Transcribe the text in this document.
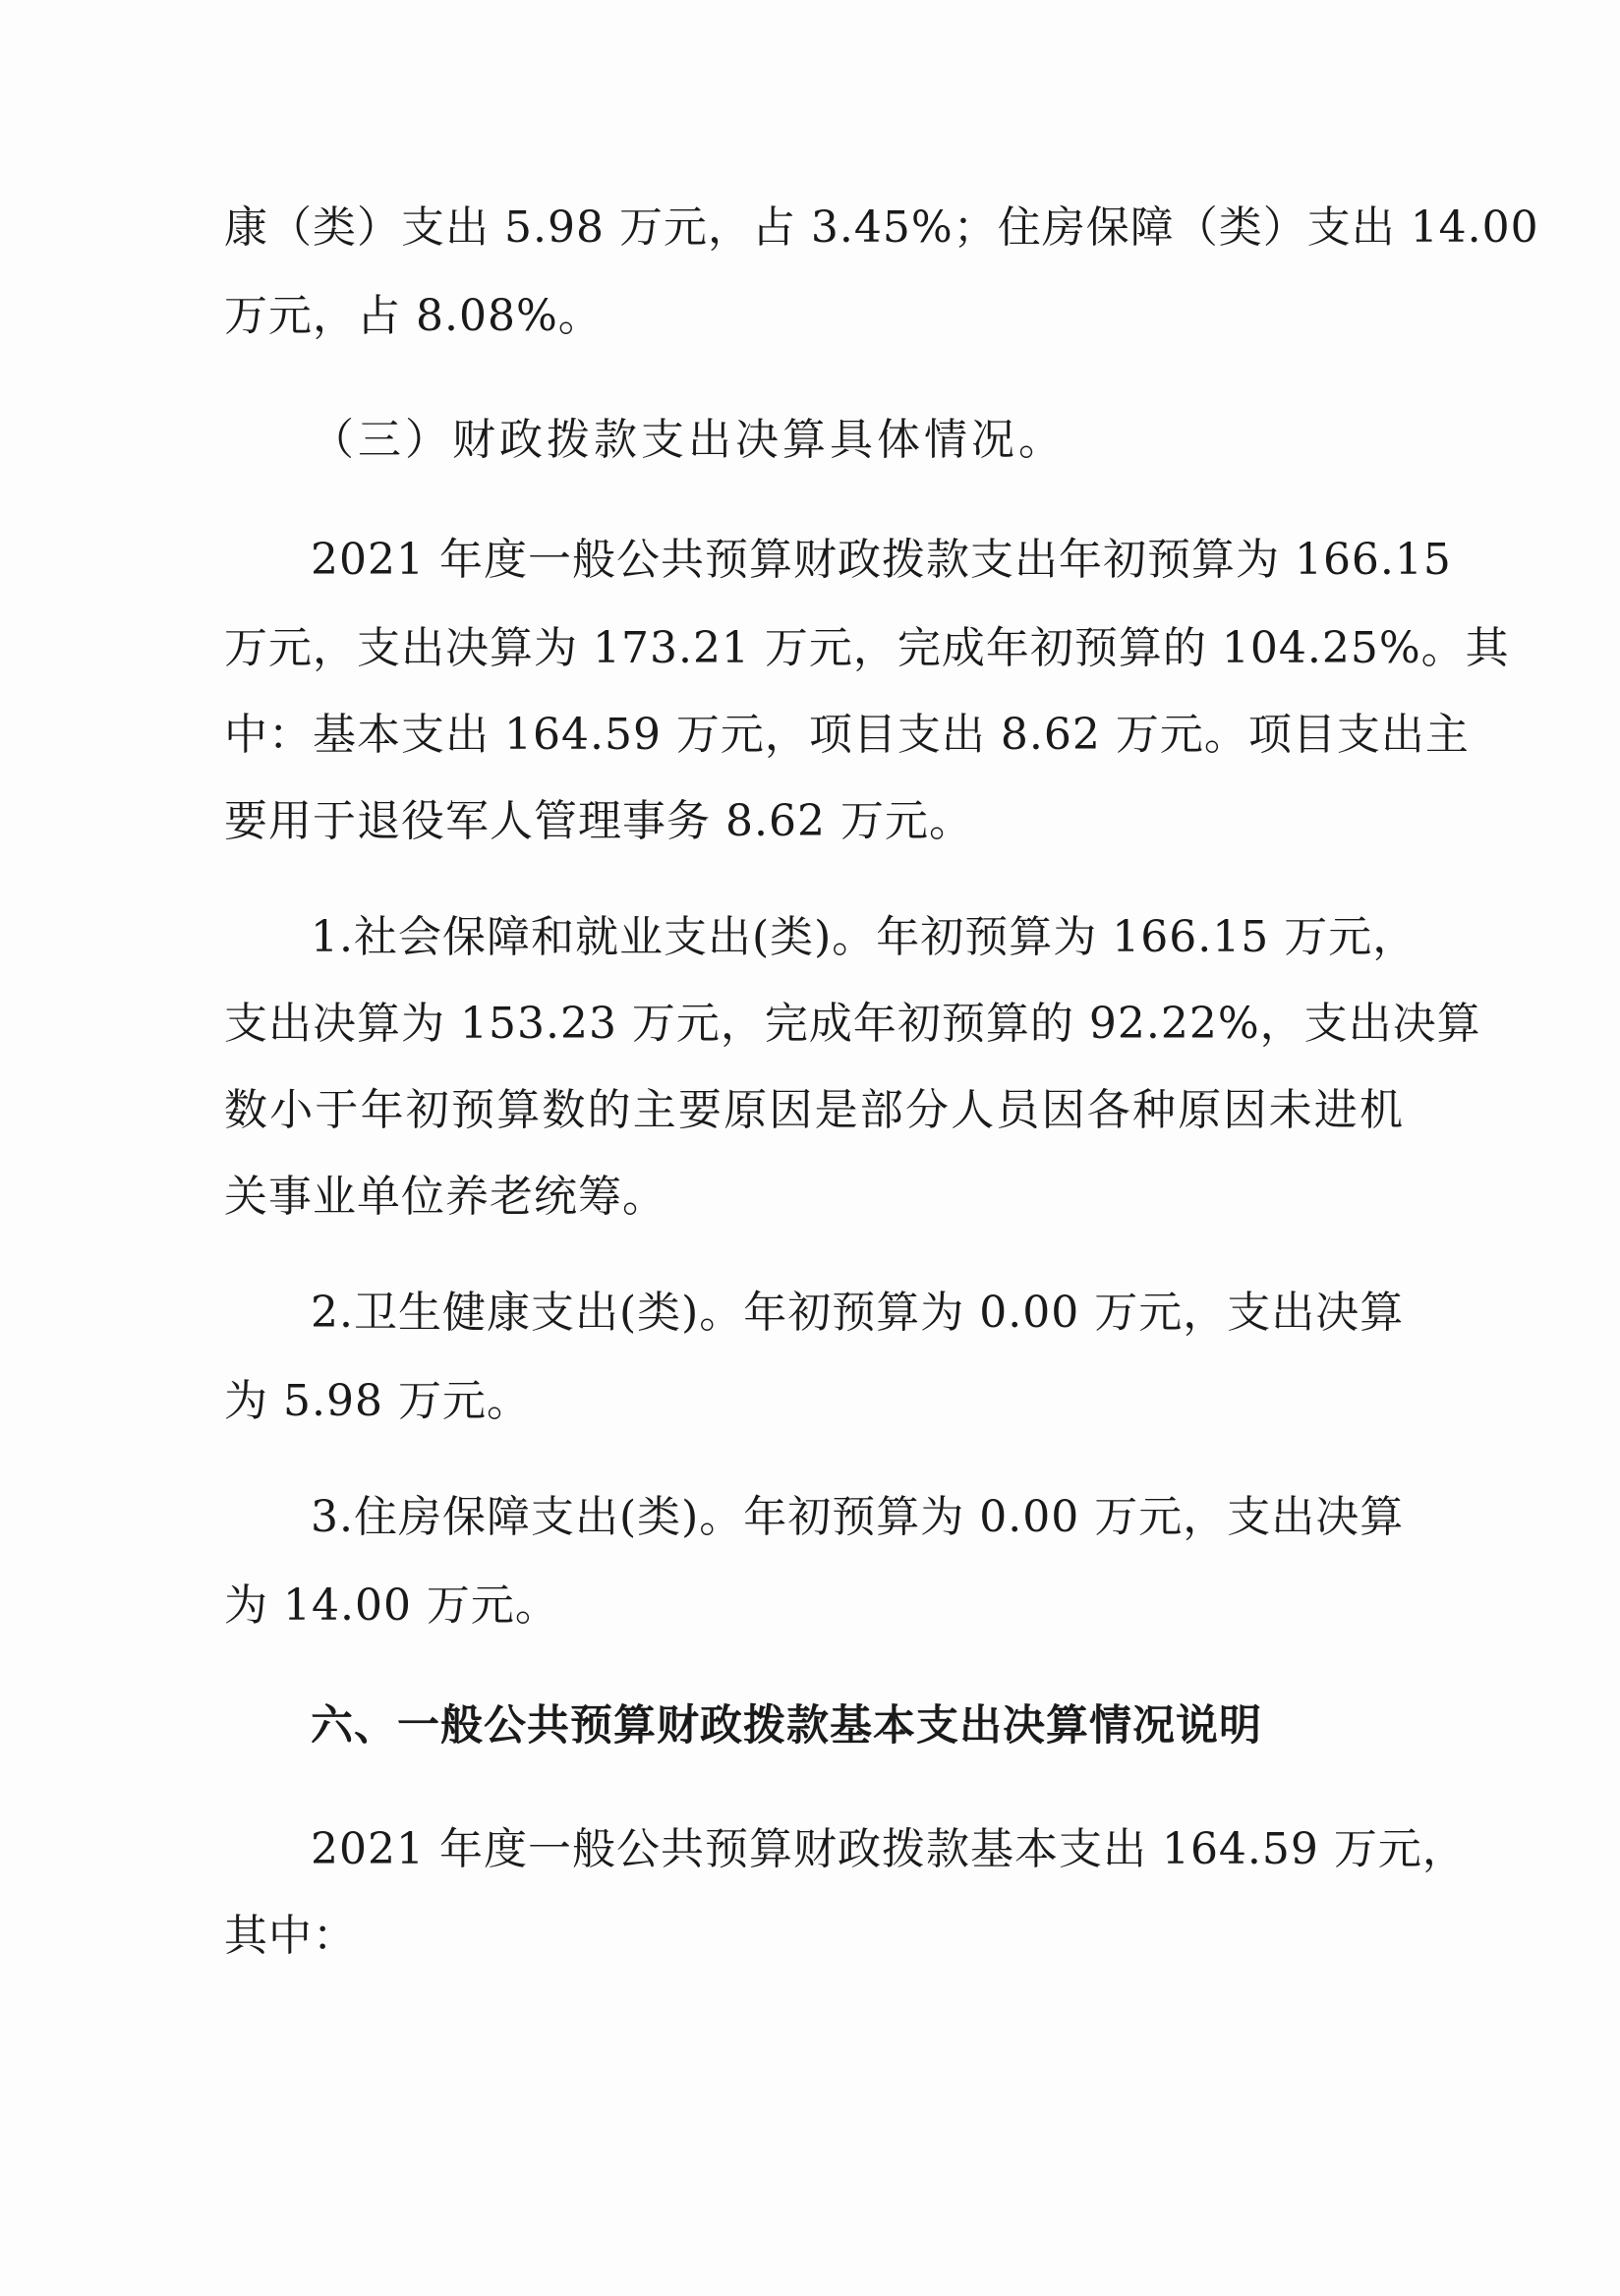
康（类）支出 5.98 万元，占 3.45%；住房保障（类）支出 14.00
万元，占 8.08%。
（三）财政拨款支出决算具体情况。
2021 年度一般公共预算财政拨款支出年初预算为 166.15
万元，支出决算为 173.21 万元，完成年初预算的 104.25%。其
中：基本支出 164.59 万元，项目支出 8.62 万元。项目支出主
要用于退役军人管理事务 8.62 万元。
1.社会保障和就业支出(类)。年初预算为 166.15 万元，
支出决算为 153.23 万元，完成年初预算的 92.22%，支出决算
数小于年初预算数的主要原因是部分人员因各种原因未进机
关事业单位养老统筹。
2.卫生健康支出(类)。年初预算为 0.00 万元，支出决算
为 5.98 万元。
3.住房保障支出(类)。年初预算为 0.00 万元，支出决算
为 14.00 万元。
六、一般公共预算财政拨款基本支出决算情况说明
2021 年度一般公共预算财政拨款基本支出 164.59 万元，
其中：
